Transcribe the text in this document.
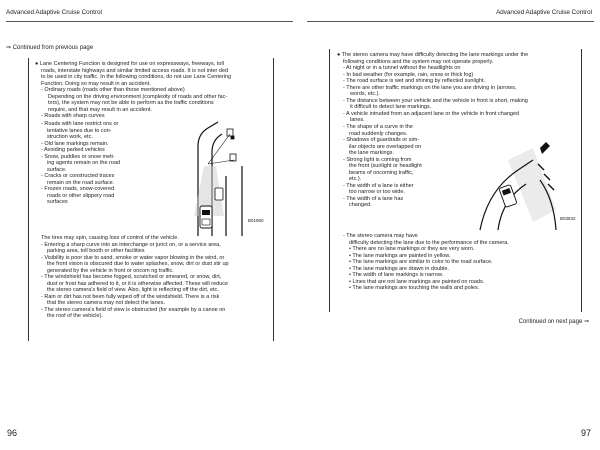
Advanced Adaptive Cruise Control	Advanced Adaptive Cruise Control
⇒ Continued from previous page
● Lane Centering Function is designed for use on expressways, freeways, toll
roads, interstate highways and similar limited access roads. It is not inter ded
to be used in city traffic. In the following conditions, do not use Lane Centering
Function. Doing so may result in an accident.
- Ordinary roads (roads other than those mentioned above)
Depending on the driving environment (complexity of roads and other fac-
tors), the system may not be able to perform as the traffic conditions
require, and that may result in an accident.
- Roads with sharp curves
- Roads with lane restrict ons or
tentative lanes due to con-
struction work, etc.
- Old lane markings remain.
- Avoiding parked vehicles
- Snow, puddles or snow melt-
ing agents remain on the road
surface.
- Cracks or constructed traces
remain on the road surface.
- Frozen roads, snow-covered
roads or other slippery road
surfaces
B01860
The tires may spin, causing loss of control of the vehicle.
- Entering a sharp curve into an interchange or junct on, or a service area,
parking area, toll booth or other facilities
- Visibility is poor due to sand, smoke or water vapor blowing in the wind, or
the front vision is obscured due to water splashes, snow, dirt or dust stir up
generated by the vehicle in front or oncom ng traffic.
- The windshield has become fogged, scratched or smeared, or snow, dirt,
dust or frost has adhered to it, or it is otherwise affected. These will reduce
the stereo camera's field of view. Also, light is reflecting off the dirt, etc.
- Rain or dirt has not been fully wiped off of the windshield. There is a risk
that the stereo camera may not detect the lanes.
- The stereo camera's field of view is obstructed (for example by a canoe on
the roof of the vehicle).
● The stereo camera may have difficulty detecting the lane markings under the
following conditions and the system may not operate properly.
- At night or in a tunnel without the headlights on
- In bad weather (for example, rain, snow or thick fog)
- The road surface is wet and shining by reflected sunlight.
- There are other traffic markings on the lane you are driving in (arrows,
words, etc.).
- The distance between your vehicle and the vehicle in front is short, making
it difficult to detect lane markings.
- A vehicle intruded from an adjacent lane or the vehicle in front changed
lanes.
- The shape of a curve in the
road suddenly changes.
- Shadows of guardrails or sim-
ilar objects are overlapped on
the lane markings.
- Strong light is coming from
the front (sunlight or headlight
beams of oncoming traffic,
etc.).
- The width of a lane is either
too narrow or too wide.
- The width of a lane has
changed.
B03832
- The stereo camera may have
difficulty detecting the lane due to the performance of the camera.
• There are no lane markings or they are very worn.
• The lane markings are painted in yellow.
• The lane markings are similar in color to the road surface.
• The lane markings are drawn in double.
• The width of lane markings is narrow.
• Lines that are not lane markings are painted on roads.
• The lane markings are touching the walls and poles.
Continued on next page ⇒
96	97
